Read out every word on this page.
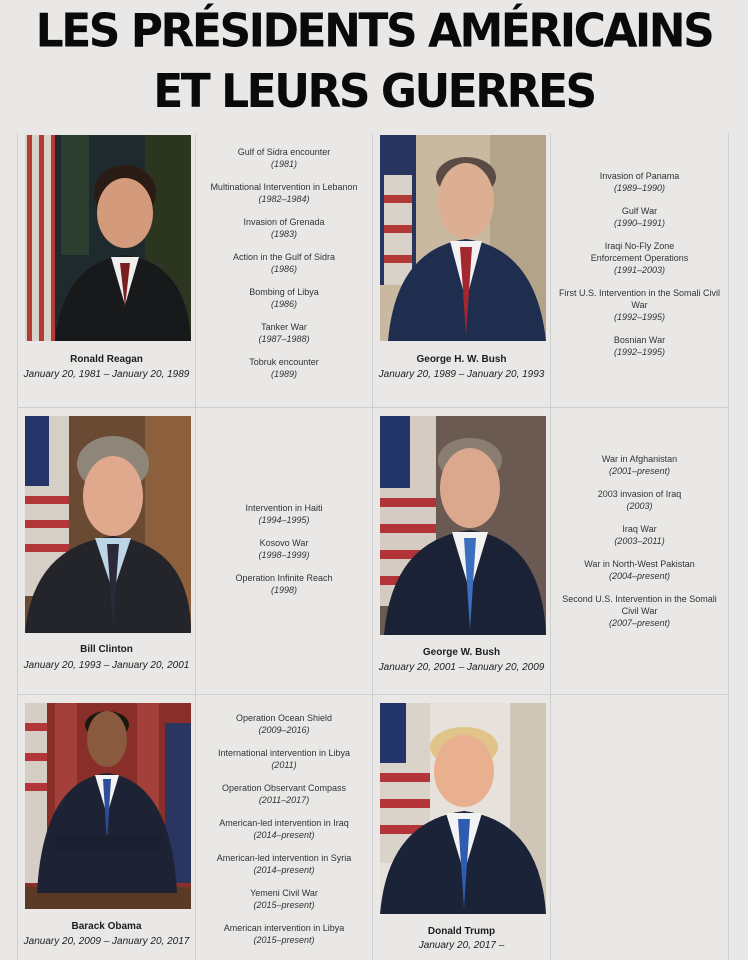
LES PRÉSIDENTS AMÉRICAINS
ET LEURS GUERRES
Ronald Reagan
January 20, 1981 – January 20, 1989
Gulf of Sidra encounter
(1981)
Multinational Intervention in Lebanon
(1982–1984)
Invasion of Grenada
(1983)
Action in the Gulf of Sidra
(1986)
Bombing of Libya
(1986)
Tanker War
(1987–1988)
Tobruk encounter
(1989)
George H. W. Bush
January 20, 1989 – January 20, 1993
Invasion of Panama
(1989–1990)
Gulf War
(1990–1991)
Iraqi No-Fly Zone Enforcement Operations
(1991–2003)
First U.S. Intervention in the Somali Civil War
(1992–1995)
Bosnian War
(1992–1995)
Bill Clinton
January 20, 1993 – January 20, 2001
Intervention in Haiti
(1994–1995)
Kosovo War
(1998–1999)
Operation Infinite Reach
(1998)
George W. Bush
January 20, 2001 – January 20, 2009
War in Afghanistan
(2001–present)
2003 invasion of Iraq
(2003)
Iraq War
(2003–2011)
War in North-West Pakistan
(2004–present)
Second U.S. Intervention in the Somali Civil War
(2007–present)
Barack Obama
January 20, 2009 – January 20, 2017
Operation Ocean Shield
(2009–2016)
International intervention in Libya
(2011)
Operation Observant Compass
(2011–2017)
American-led intervention in Iraq
(2014–present)
American-led intervention in Syria
(2014–present)
Yemeni Civil War
(2015–present)
American intervention in Libya
(2015–present)
Donald Trump
January 20, 2017 –
